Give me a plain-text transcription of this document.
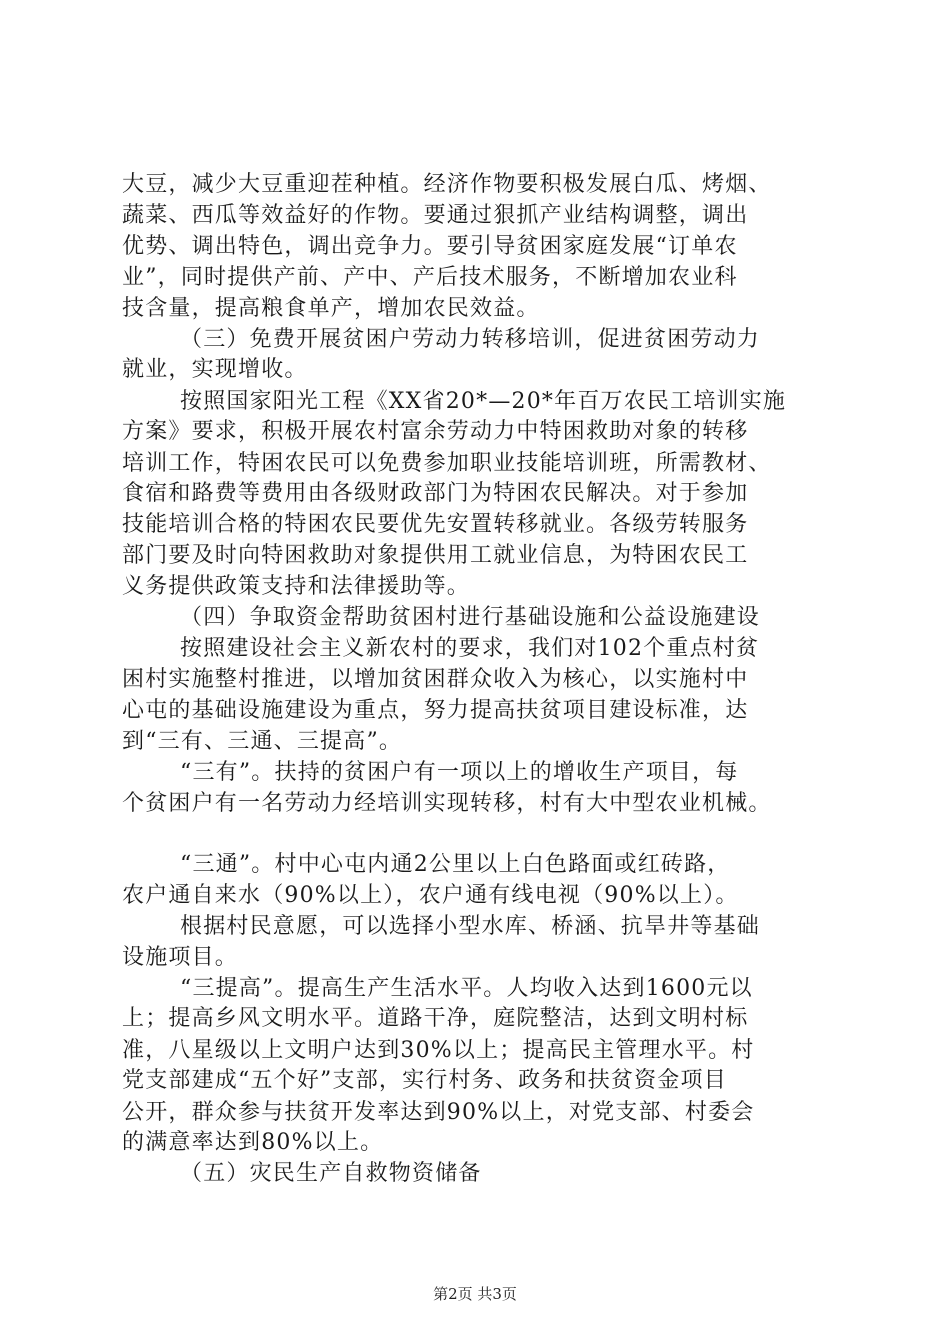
大豆，减少大豆重迎茬种植。经济作物要积极发展白瓜、烤烟、
蔬菜、西瓜等效益好的作物。要通过狠抓产业结构调整，调出
优势、调出特色，调出竞争力。要引导贫困家庭发展“订单农
业”，同时提供产前、产中、产后技术服务，不断增加农业科
技含量，提高粮食单产，增加农民效益。
（三）免费开展贫困户劳动力转移培训，促进贫困劳动力
就业，实现增收。
按照国家阳光工程《XX省20*—20*年百万农民工培训实施
方案》要求，积极开展农村富余劳动力中特困救助对象的转移
培训工作，特困农民可以免费参加职业技能培训班，所需教材、
食宿和路费等费用由各级财政部门为特困农民解决。对于参加
技能培训合格的特困农民要优先安置转移就业。各级劳转服务
部门要及时向特困救助对象提供用工就业信息，为特困农民工
义务提供政策支持和法律援助等。
（四）争取资金帮助贫困村进行基础设施和公益设施建设
按照建设社会主义新农村的要求，我们对102个重点村贫
困村实施整村推进，以增加贫困群众收入为核心，以实施村中
心屯的基础设施建设为重点，努力提高扶贫项目建设标准，达
到“三有、三通、三提高”。
“三有”。扶持的贫困户有一项以上的增收生产项目，每
个贫困户有一名劳动力经培训实现转移，村有大中型农业机械。
“三通”。村中心屯内通2公里以上白色路面或红砖路，
农户通自来水（90%以上），农户通有线电视（90%以上）。
根据村民意愿，可以选择小型水库、桥涵、抗旱井等基础
设施项目。
“三提高”。提高生产生活水平。人均收入达到1600元以
上；提高乡风文明水平。道路干净，庭院整洁，达到文明村标
准，八星级以上文明户达到30%以上；提高民主管理水平。村
党支部建成“五个好”支部，实行村务、政务和扶贫资金项目
公开，群众参与扶贫开发率达到90%以上，对党支部、村委会
的满意率达到80%以上。
（五）灾民生产自救物资储备
第2页 共3页
